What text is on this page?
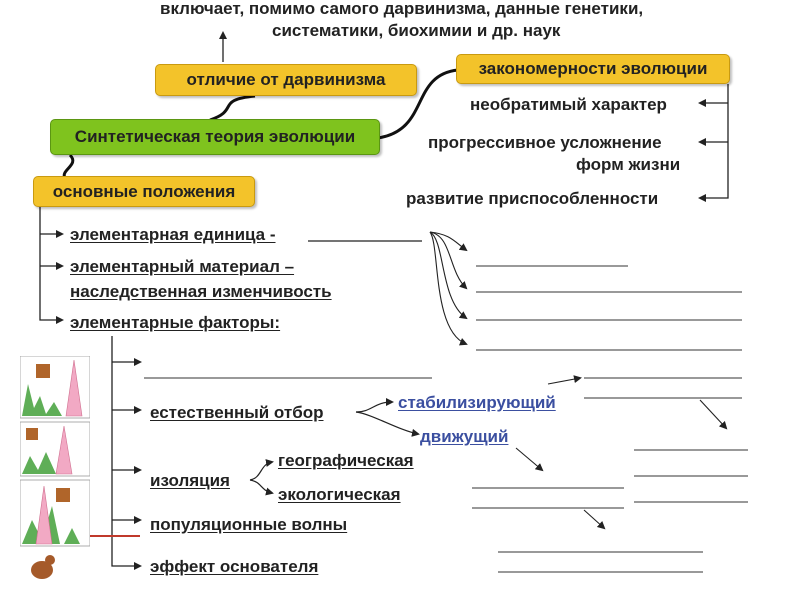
включает, помимо самого дарвинизма, данные генетики,
систематики, биохимии и др. наук
отличие от дарвинизма
Синтетическая теория эволюции
основные положения
закономерности эволюции
необратимый характер
прогрессивное усложнение
форм жизни
развитие приспособленности
элементарная единица -
элементарный материал –
наследственная изменчивость
элементарные факторы:
естественный отбор
стабилизирующий
движущий
изоляция
географическая
экологическая
популяционные волны
эффект основателя
